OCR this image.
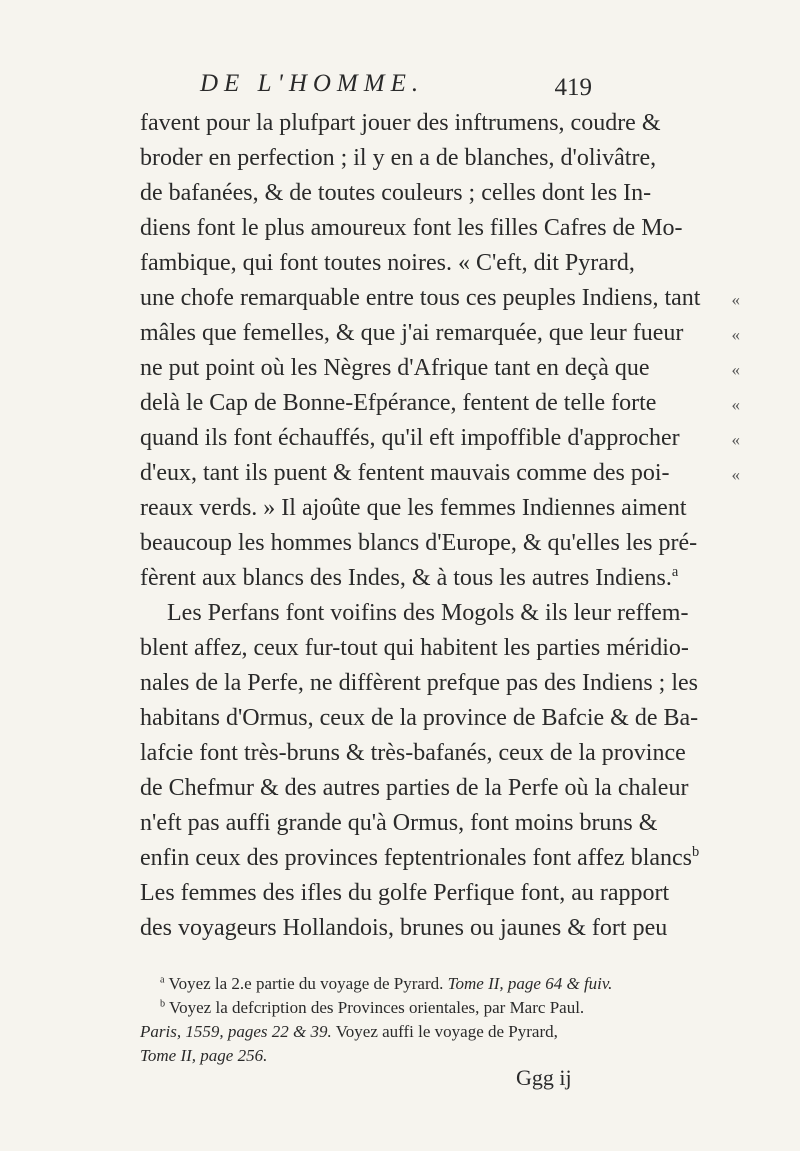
DE L'HOMME.	419
favent pour la plufpart jouer des inftrumens, coudre &
broder en perfection ; il y en a de blanches, d'olivâtre,
de bafanées, & de toutes couleurs ; celles dont les In-
diens font le plus amoureux font les filles Cafres de Mo-
fambique, qui font toutes noires. « C'eft, dit Pyrard,
une chofe remarquable entre tous ces peuples Indiens, tant «
mâles que femelles, & que j'ai remarquée, que leur fueur	«
ne put point où les Nègres d'Afrique tant en deçà que	«
delà le Cap de Bonne-Efpérance, fentent de telle forte	«
quand ils font échauffés, qu'il eft impoffible d'approcher	«
d'eux, tant ils puent & fentent mauvais comme des poi-	«
reaux verds. » Il ajoûte que les femmes Indiennes aiment
beaucoup les hommes blancs d'Europe, & qu'elles les pré-
fèrent aux blancs des Indes, & à tous les autres Indiens.$^a$
Les Perfans font voifins des Mogols & ils leur reffem-
blent affez, ceux fur-tout qui habitent les parties méridio-
nales de la Perfe, ne diffèrent prefque pas des Indiens ; les
habitans d'Ormus, ceux de la province de Bafcie & de Ba-
lafcie font très-bruns & très-bafanés, ceux de la province
de Chefmur & des autres parties de la Perfe où la chaleur
n'eft pas auffi grande qu'à Ormus, font moins bruns &
enfin ceux des provinces feptentrionales font affez blancs$^b$
Les femmes des ifles du golfe Perfique font, au rapport
des voyageurs Hollandois, brunes ou jaunes & fort peu
$^a$ Voyez la 2.e partie du voyage de Pyrard. Tome II, page 64 & fuiv.
$^b$ Voyez la defcription des Provinces orientales, par Marc Paul.
Paris, 1559, pages 22 & 39. Voyez auffi le voyage de Pyrard,
Tome II, page 256.
Ggg ij
